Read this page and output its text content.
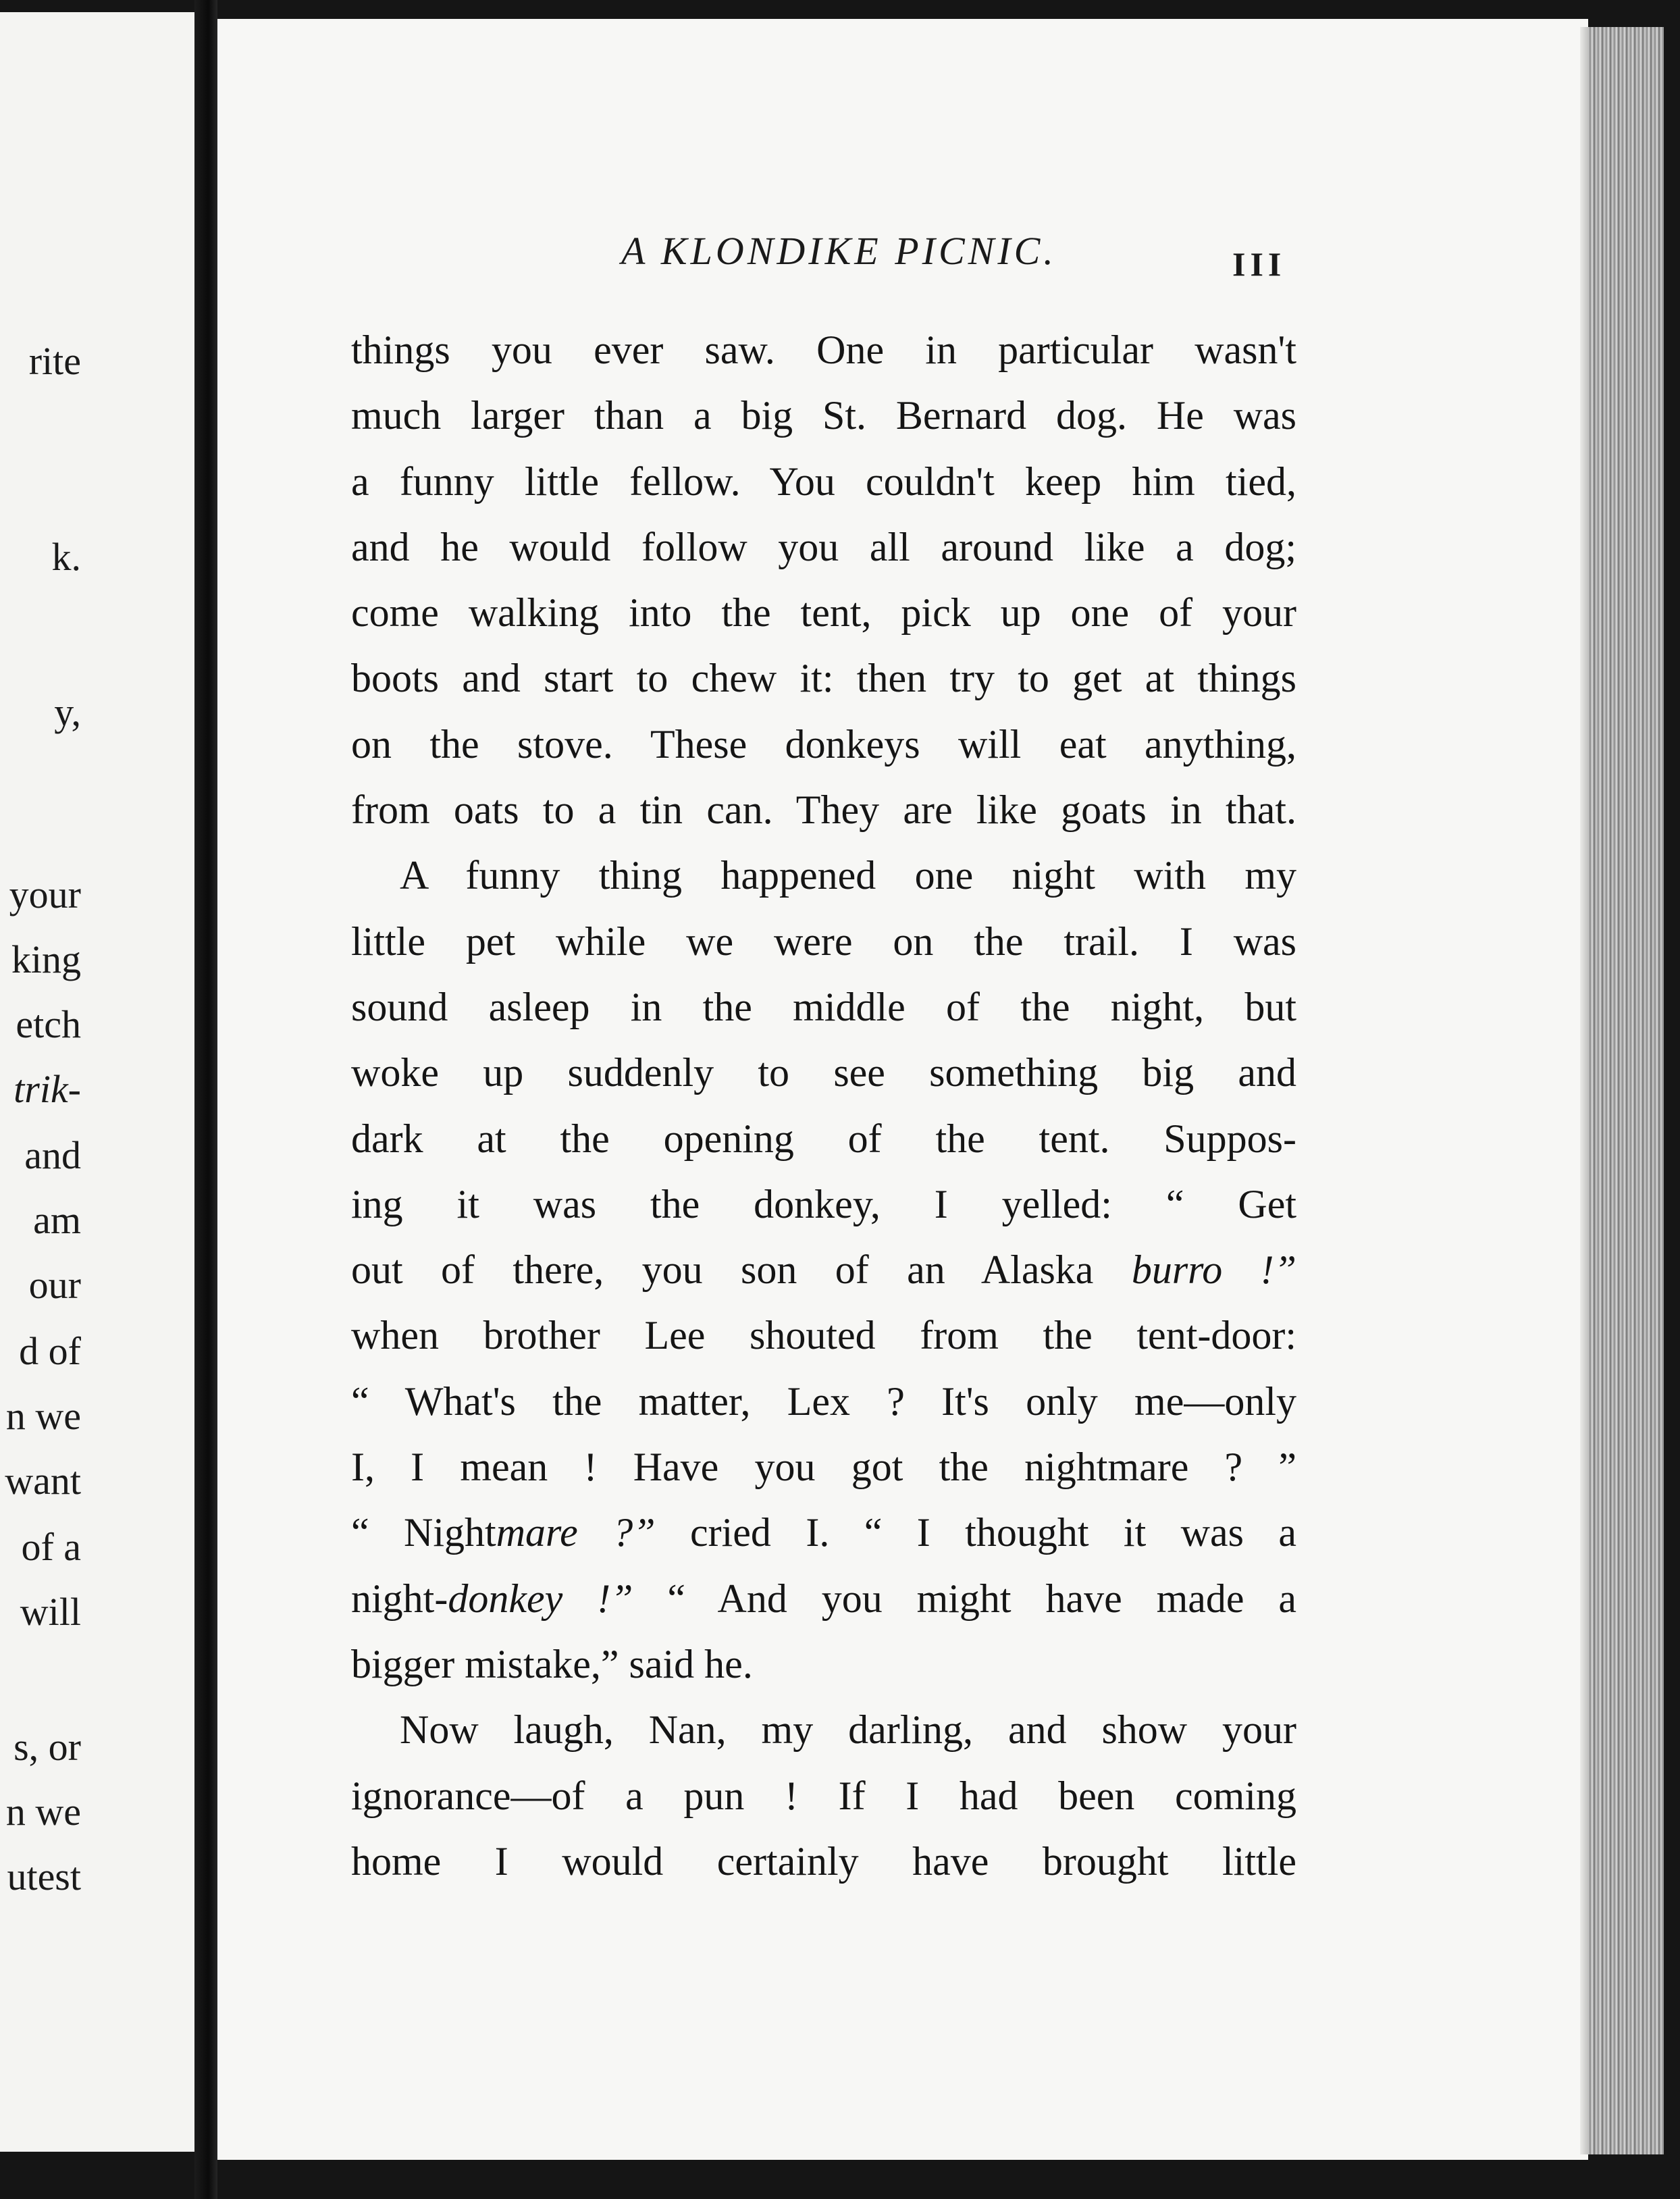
rite
k.
y,
your
king
etch
trik-
and
am
our
d of
n we
want
of a
will
s, or
n we
utest
A KLONDIKE PICNIC.	III
things you ever saw. One in particular wasn't
much larger than a big St. Bernard dog. He was
a funny little fellow. You couldn't keep him tied,
and he would follow you all around like a dog;
come walking into the tent, pick up one of your
boots and start to chew it: then try to get at things
on the stove. These donkeys will eat anything,
from oats to a tin can. They are like goats in that.
A funny thing happened one night with my
little pet while we were on the trail. I was
sound asleep in the middle of the night, but
woke up suddenly to see something big and
dark at the opening of the tent. Suppos-
ing it was the donkey, I yelled: “ Get
out of there, you son of an Alaska burro !”
when brother Lee shouted from the tent-door:
“ What's the matter, Lex ? It's only me—only
I, I mean ! Have you got the nightmare ? ”
“ Nightmare ?” cried I. “ I thought it was a
night-donkey !” “ And you might have made a
bigger mistake,” said he.
Now laugh, Nan, my darling, and show your
ignorance—of a pun ! If I had been coming
home I would certainly have brought little
